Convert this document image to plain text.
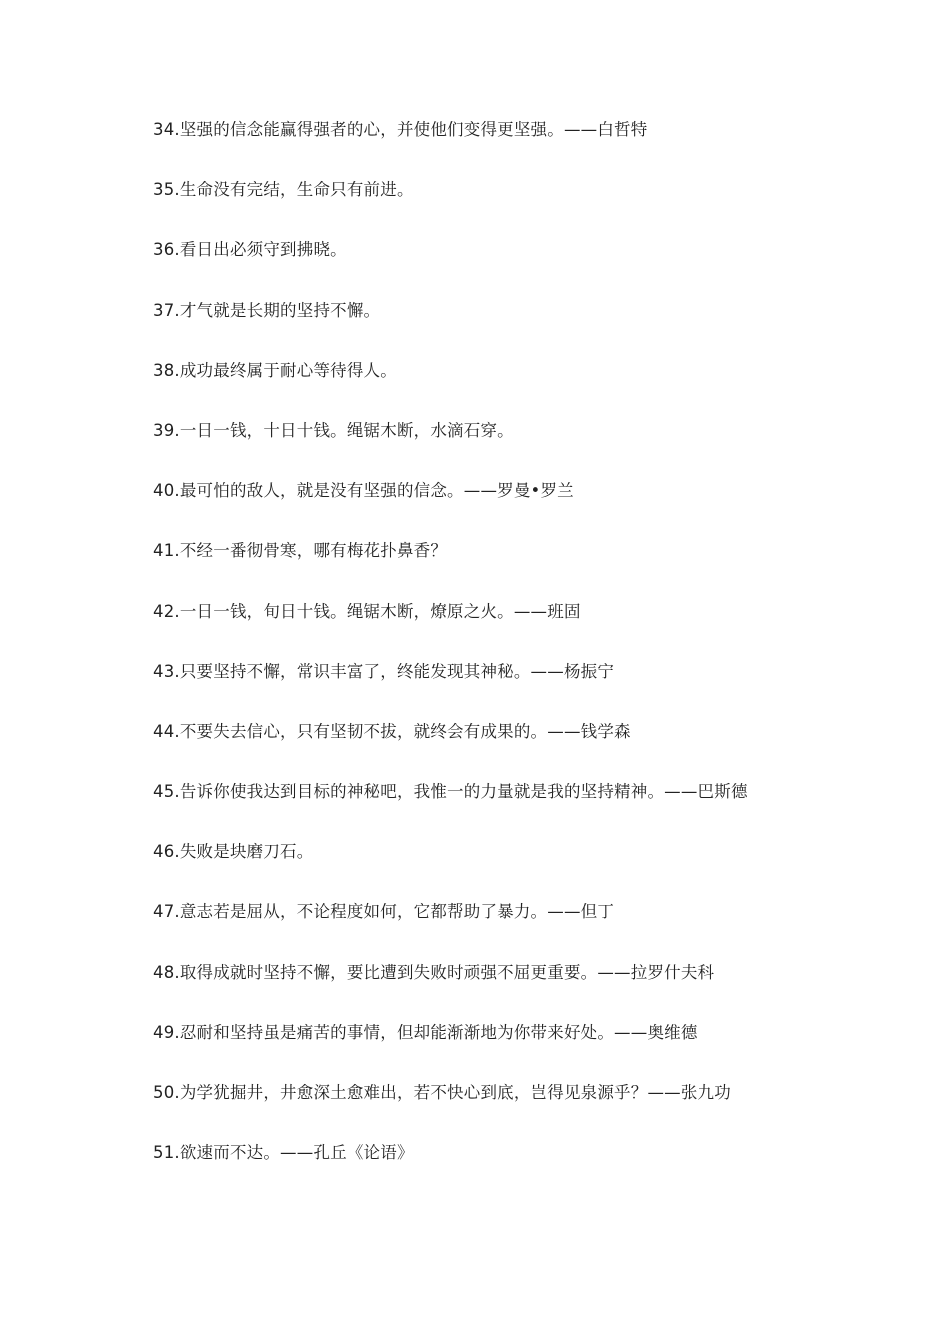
34.坚强的信念能赢得强者的心，并使他们变得更坚强。——白哲特
35.生命没有完结，生命只有前进。
36.看日出必须守到拂晓。
37.才气就是长期的坚持不懈。
38.成功最终属于耐心等待得人。
39.一日一钱，十日十钱。绳锯木断，水滴石穿。
40.最可怕的敌人，就是没有坚强的信念。——罗曼•罗兰
41.不经一番彻骨寒，哪有梅花扑鼻香？
42.一日一钱，旬日十钱。绳锯木断，燎原之火。——班固
43.只要坚持不懈，常识丰富了，终能发现其神秘。——杨振宁
44.不要失去信心，只有坚韧不拔，就终会有成果的。——钱学森
45.告诉你使我达到目标的神秘吧，我惟一的力量就是我的坚持精神。——巴斯德
46.失败是块磨刀石。
47.意志若是屈从，不论程度如何，它都帮助了暴力。——但丁
48.取得成就时坚持不懈，要比遭到失败时顽强不屈更重要。——拉罗什夫科
49.忍耐和坚持虽是痛苦的事情，但却能渐渐地为你带来好处。——奥维德
50.为学犹掘井，井愈深土愈难出，若不快心到底，岂得见泉源乎？——张九功
51.欲速而不达。——孔丘《论语》
